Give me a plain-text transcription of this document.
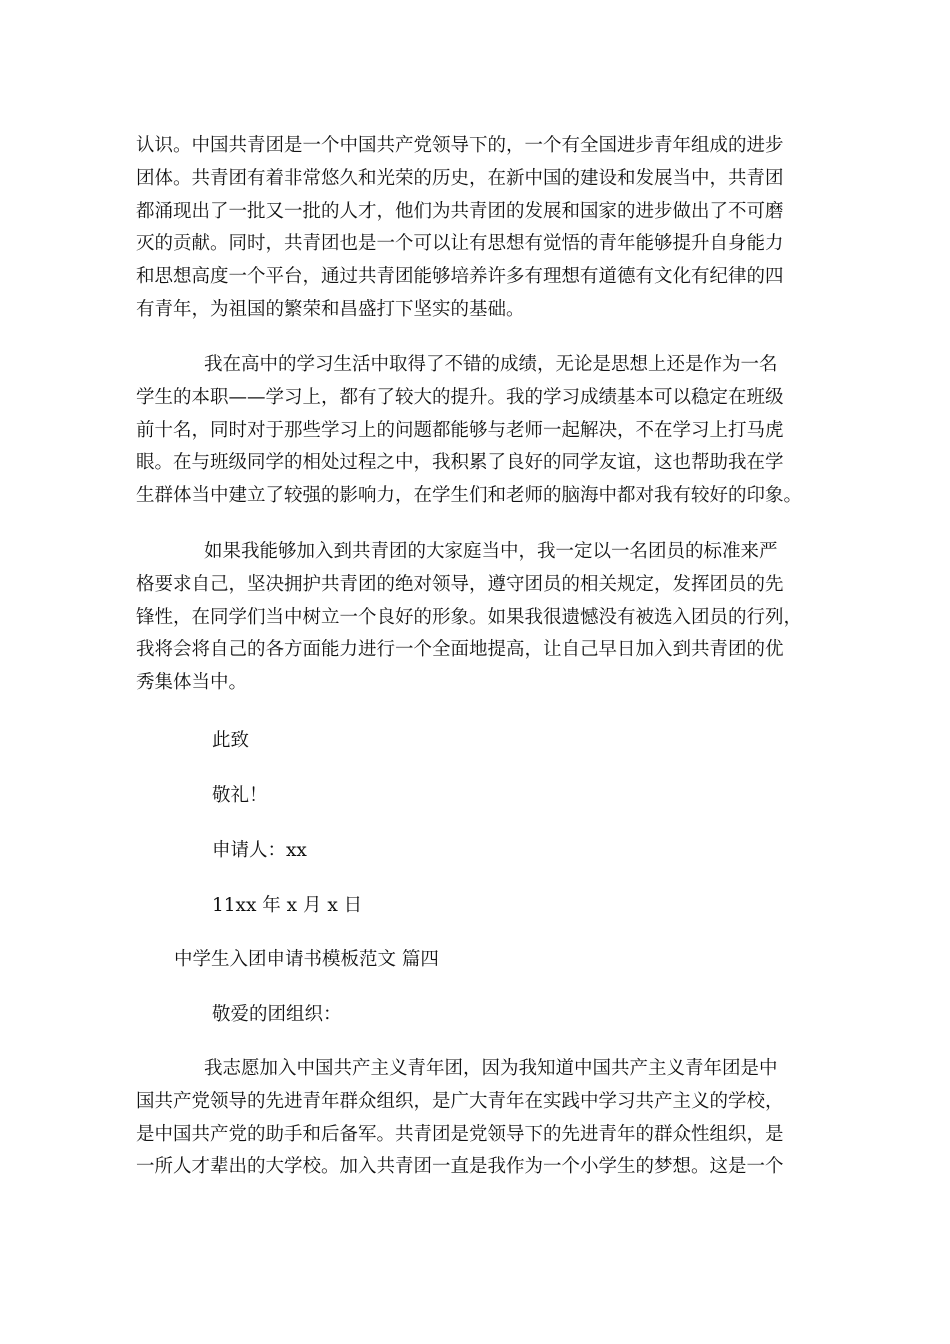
认识。中国共青团是一个中国共产党领导下的，一个有全国进步青年组成的进步
团体。共青团有着非常悠久和光荣的历史，在新中国的建设和发展当中，共青团
都涌现出了一批又一批的人才，他们为共青团的发展和国家的进步做出了不可磨
灭的贡献。同时，共青团也是一个可以让有思想有觉悟的青年能够提升自身能力
和思想高度一个平台，通过共青团能够培养许多有理想有道德有文化有纪律的四
有青年，为祖国的繁荣和昌盛打下坚实的基础。
我在高中的学习生活中取得了不错的成绩，无论是思想上还是作为一名
学生的本职——学习上，都有了较大的提升。我的学习成绩基本可以稳定在班级
前十名，同时对于那些学习上的问题都能够与老师一起解决，不在学习上打马虎
眼。在与班级同学的相处过程之中，我积累了良好的同学友谊，这也帮助我在学
生群体当中建立了较强的影响力，在学生们和老师的脑海中都对我有较好的印象。
如果我能够加入到共青团的大家庭当中，我一定以一名团员的标准来严
格要求自己，坚决拥护共青团的绝对领导，遵守团员的相关规定，发挥团员的先
锋性，在同学们当中树立一个良好的形象。如果我很遗憾没有被选入团员的行列，
我将会将自己的各方面能力进行一个全面地提高，让自己早日加入到共青团的优
秀集体当中。

此致

敬礼！

申请人：xx

11xx 年 x 月 x 日

中学生入团申请书模板范文 篇四

敬爱的团组织：

我志愿加入中国共产主义青年团，因为我知道中国共产主义青年团是中
国共产党领导的先进青年群众组织，是广大青年在实践中学习共产主义的学校，
是中国共产党的助手和后备军。共青团是党领导下的先进青年的群众性组织，是
一所人才辈出的大学校。加入共青团一直是我作为一个小学生的梦想。这是一个
